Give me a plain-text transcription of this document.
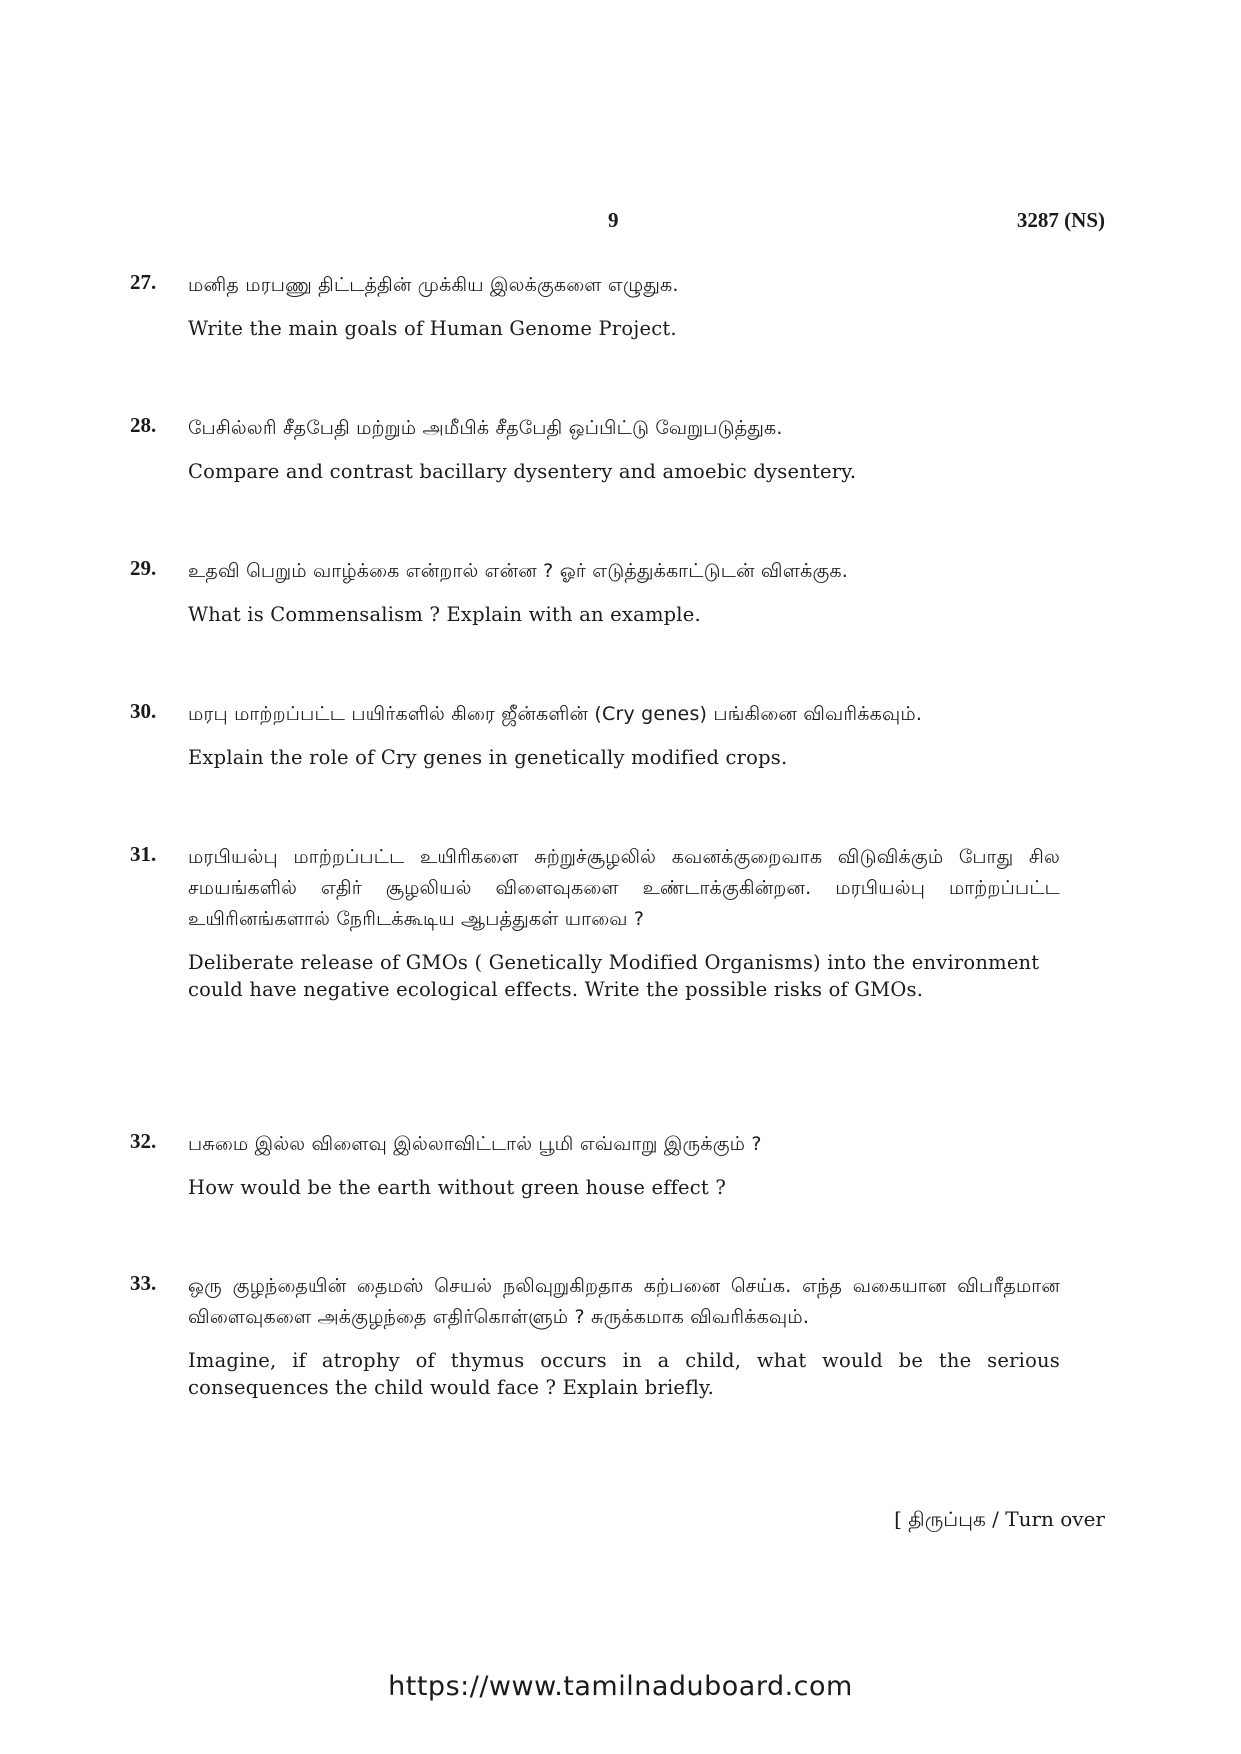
9	3287 (NS)
27.	மனித மரபணு திட்டத்தின் முக்கிய இலக்குகளை எழுதுக.

Write the main goals of Human Genome Project.

28.	பேசில்லரி சீதபேதி மற்றும் அமீபிக் சீதபேதி ஒப்பிட்டு வேறுபடுத்துக.

Compare and contrast bacillary dysentery and amoebic dysentery.

29.	உதவி பெறும் வாழ்க்கை என்றால் என்ன ? ஓர் எடுத்துக்காட்டுடன் விளக்குக.

What is Commensalism ? Explain with an example.

30.	மரபு மாற்றப்பட்ட பயிர்களில் கிரை ஜீன்களின் (Cry genes) பங்கினை விவரிக்கவும்.

Explain the role of Cry genes in genetically modified crops.

31.	மரபியல்பு மாற்றப்பட்ட உயிரிகளை சுற்றுச்சூழலில் கவனக்குறைவாக விடுவிக்கும் போது சில சமயங்களில் எதிர் சூழலியல் விளைவுகளை உண்டாக்குகின்றன. மரபியல்பு மாற்றப்பட்ட உயிரினங்களால் நேரிடக்கூடிய ஆபத்துகள் யாவை ?

Deliberate release of GMOs ( Genetically Modified Organisms) into the environment could have negative ecological effects. Write the possible risks of GMOs.

32.	பசுமை இல்ல விளைவு இல்லாவிட்டால் பூமி எவ்வாறு இருக்கும் ?

How would be the earth without green house effect ?

33.	ஒரு குழந்தையின் தைமஸ் செயல் நலிவுறுகிறதாக கற்பனை செய்க. எந்த வகையான விபரீதமான விளைவுகளை அக்குழந்தை எதிர்கொள்ளும் ? சுருக்கமாக விவரிக்கவும்.

Imagine, if atrophy of thymus occurs in a child, what would be the serious consequences the child would face ? Explain briefly.

[ திருப்புக / Turn over
https://www.tamilnaduboard.com
